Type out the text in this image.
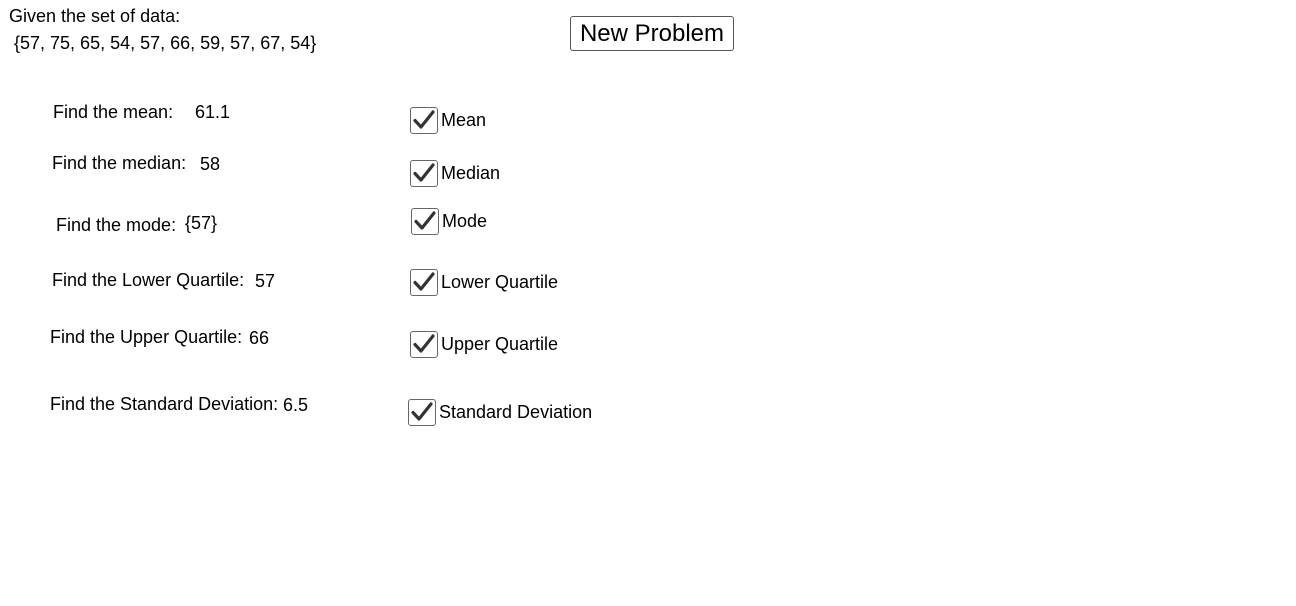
Given the set of data:
{57, 75, 65, 54, 57, 66, 59, 57, 67, 54}	New Problem
Find the mean: 61.1
Find the median: 58
Find the mode: {57}
Find the Lower Quartile: 57
Find the Upper Quartile: 66
Find the Standard Deviation: 6.5
Mean
Median
Mode
Lower Quartile
Upper Quartile
Standard Deviation
